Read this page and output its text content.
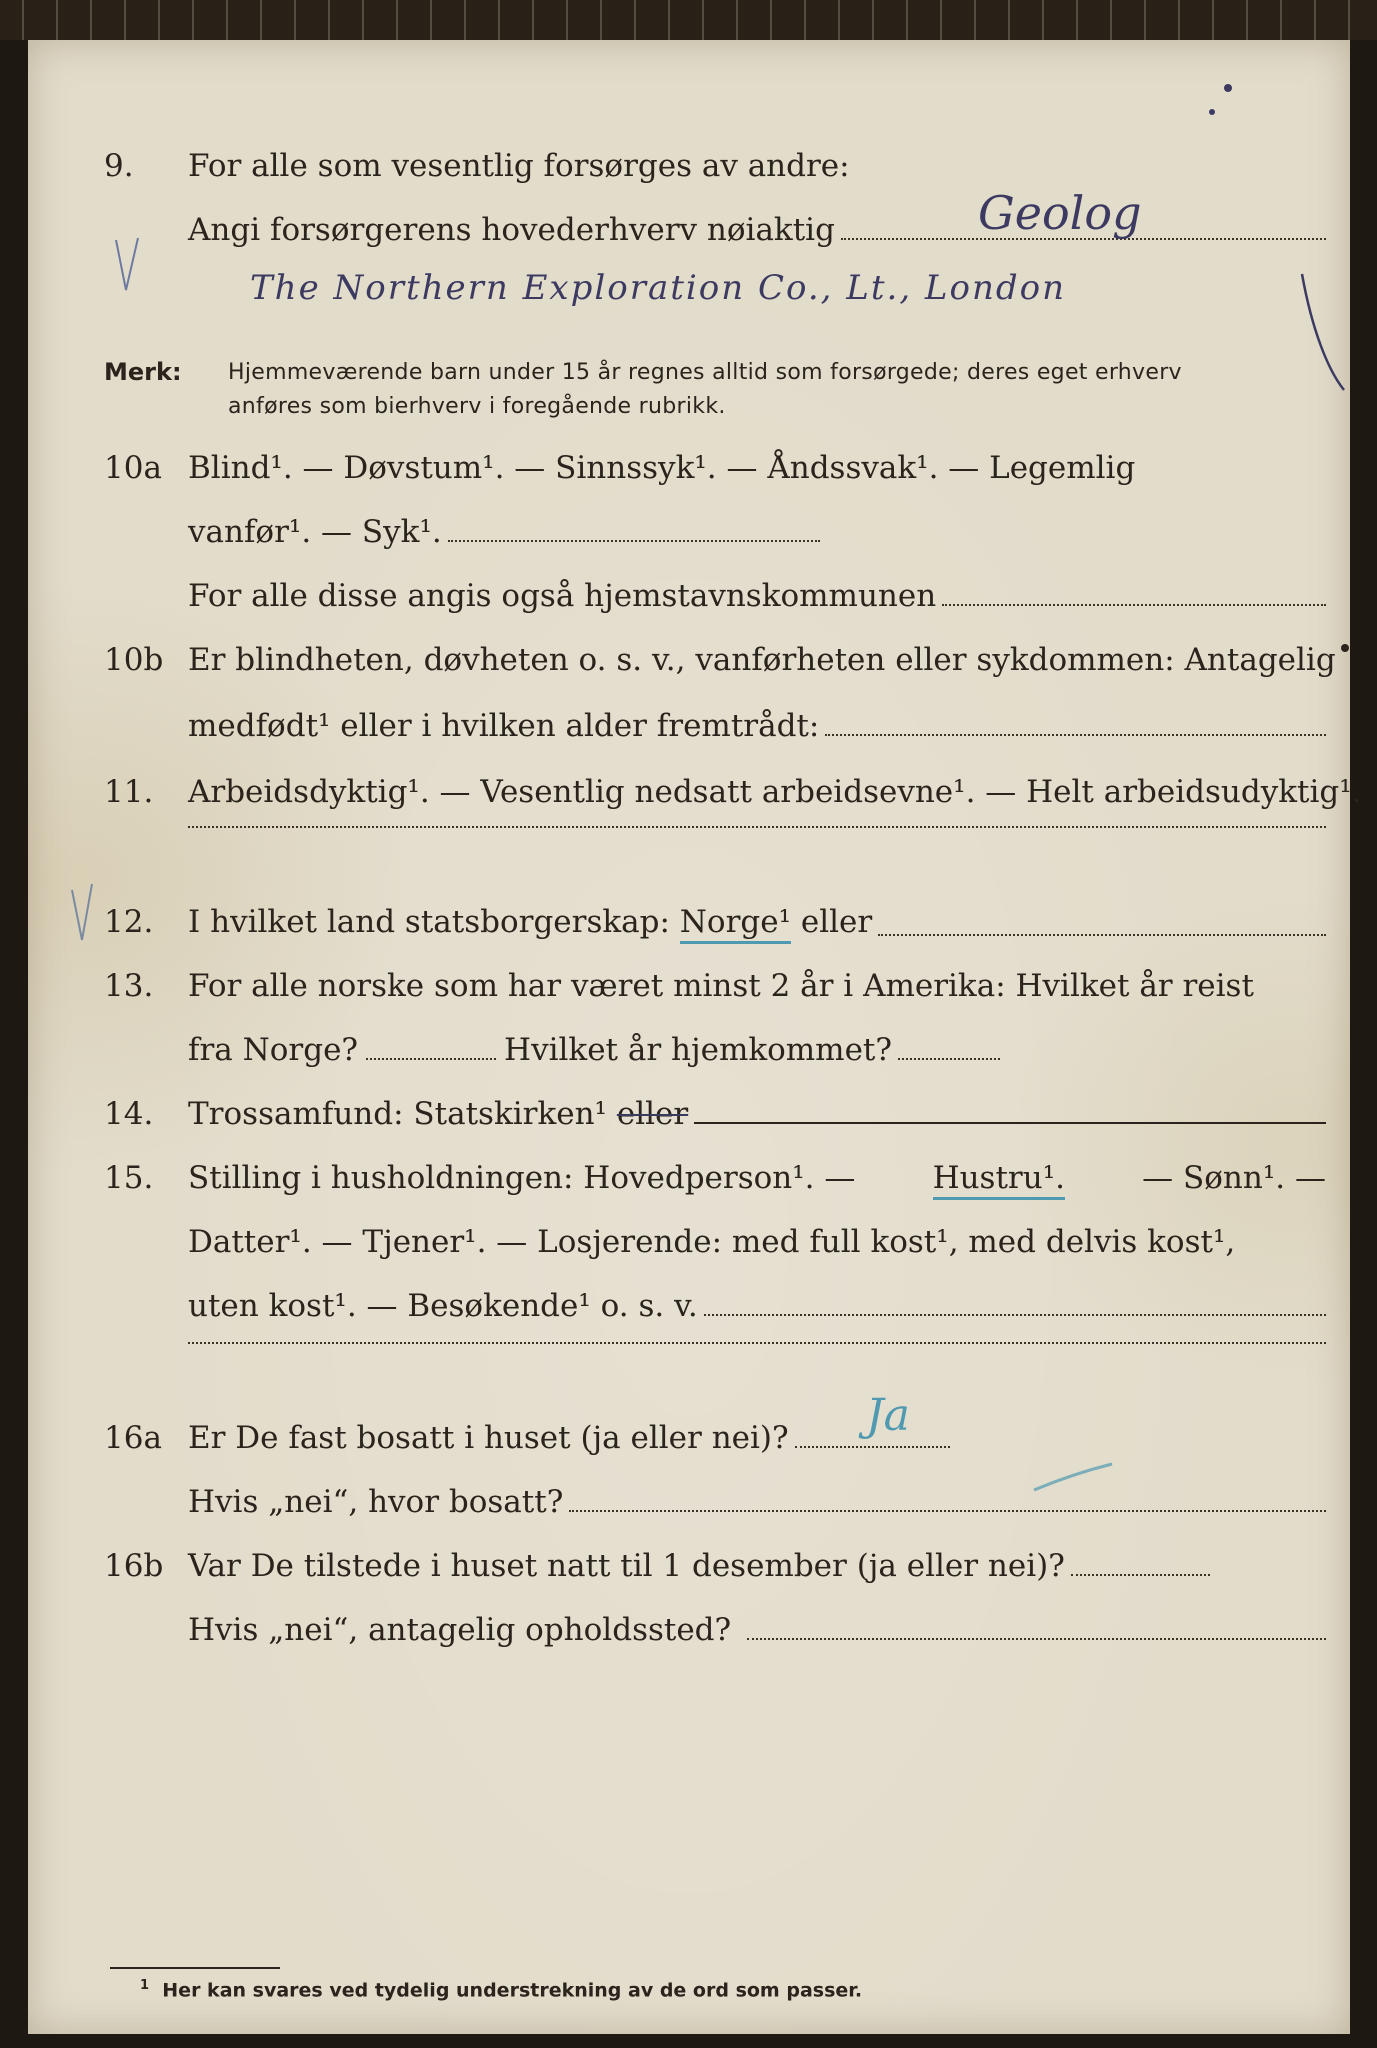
9. For alle som vesentlig forsørges av andre:
Angi forsørgerens hovederhverv nøiaktig	Geolog
The Northern Exploration Co., Lt., London
Merk: Hjemmeværende barn under 15 år regnes alltid som forsørgede; deres eget erhverv
anføres som bierhverv i foregående rubrikk.
10a Blind¹. — Døvstum¹. — Sinnssyk¹. — Åndssvak¹. — Legemlig
vanfør¹. — Syk¹.
For alle disse angis også hjemstavnskommunen
10b Er blindheten, døvheten o. s. v., vanførheten eller sykdommen: Antagelig
medfødt¹ eller i hvilken alder fremtrådt:
11. Arbeidsdyktig¹. — Vesentlig nedsatt arbeidsevne¹. — Helt arbeidsudyktig¹.
12. I hvilket land statsborgerskap: Norge¹ eller
13. For alle norske som har været minst 2 år i Amerika: Hvilket år reist
fra Norge?	Hvilket år hjemkommet?
14. Trossamfund: Statskirken¹ eller
15. Stilling i husholdningen: Hovedperson¹. — Hustru¹. — Sønn¹. —
Datter¹. — Tjener¹. — Losjerende: med full kost¹, med delvis kost¹,
uten kost¹. — Besøkende¹ o. s. v.
16a Er De fast bosatt i huset (ja eller nei)? Ja
Hvis „nei“, hvor bosatt?
16b Var De tilstede i huset natt til 1 desember (ja eller nei)?
Hvis „nei“, antagelig opholdssted?
$^1$ Her kan svares ved tydelig understrekning av de ord som passer.
